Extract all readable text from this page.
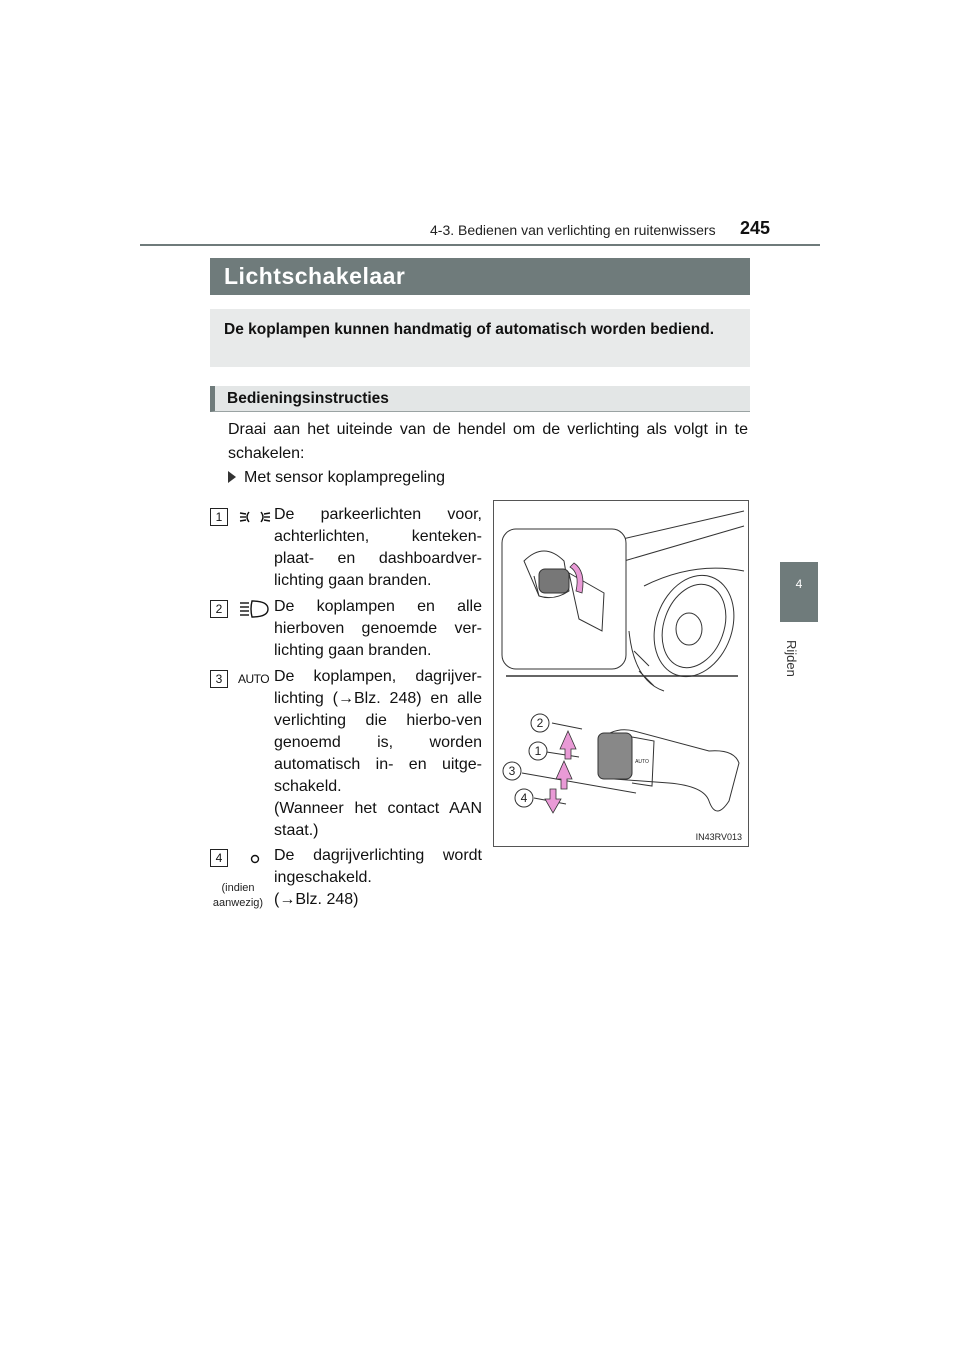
4-3. Bedienen van verlichting en ruitenwissers 245
4
Rijden
Lichtschakelaar
De koplampen kunnen handmatig of automatisch worden bediend.
Bedieningsinstructies
Draai aan het uiteinde van de hendel om de verlichting als volgt in te schakelen:
Met sensor koplampregeling
1	De parkeerlichten voor, achterlichten, kenteken-plaat- en dashboardver-lichting gaan branden.

2	De koplampen en alle hierboven genoemde ver-lichting gaan branden.

3	AUTO De koplampen, dagrijver-lichting (→Blz. 248) en alle verlichting die hierbo-ven genoemd is, worden automatisch in- en uitge-schakeld.

(Wanneer het contact AAN staat.)

4
(indien aanwezig)

De dagrijverlichting wordt ingeschakeld.

(→Blz. 248)

2
1
3
4
AUTO
IN43RV013
